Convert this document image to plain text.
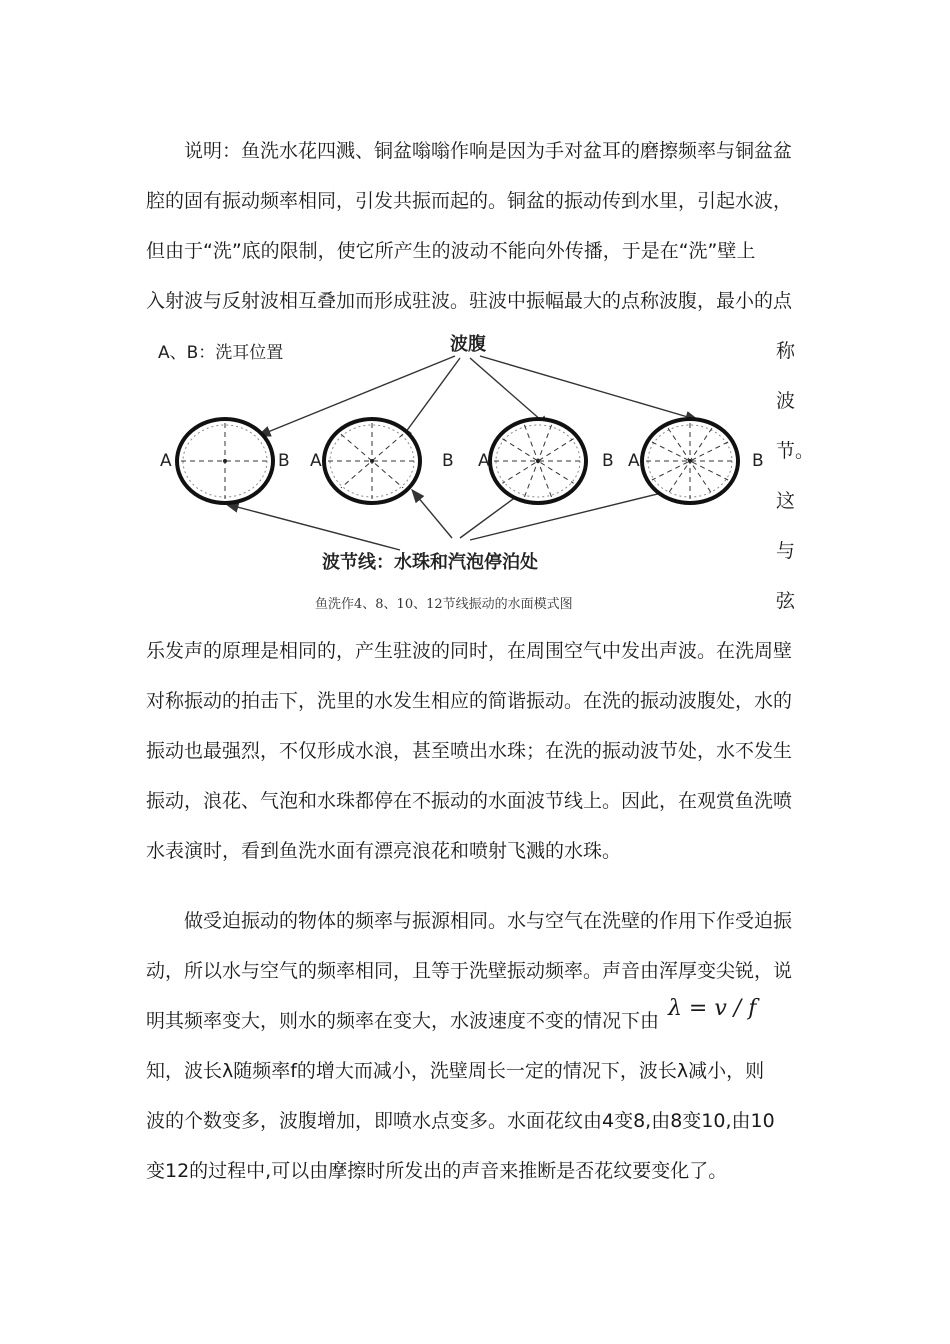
说明：鱼洗水花四溅、铜盆嗡嗡作响是因为手对盆耳的磨擦频率与铜盆盆
腔的固有振动频率相同，引发共振而起的。铜盆的振动传到水里，引起水波，
但由于“洗”底的限制，使它所产生的波动不能向外传播，于是在“洗”壁上
入射波与反射波相互叠加而形成驻波。驻波中振幅最大的点称波腹，最小的点
称
波
节。
这
与
弦
A、B：洗耳位置	波腹
波节线：水珠和汽泡停泊处
鱼洗作4、8、10、12节线振动的水面模式图
A	B A	B A	B A	B
乐发声的原理是相同的，产生驻波的同时，在周围空气中发出声波。在洗周壁
对称振动的拍击下，洗里的水发生相应的简谐振动。在洗的振动波腹处，水的
振动也最强烈，不仅形成水浪，甚至喷出水珠；在洗的振动波节处，水不发生
振动，浪花、气泡和水珠都停在不振动的水面波节线上。因此，在观赏鱼洗喷
水表演时，看到鱼洗水面有漂亮浪花和喷射飞溅的水珠。
做受迫振动的物体的频率与振源相同。水与空气在洗壁的作用下作受迫振
动，所以水与空气的频率相同，且等于洗壁振动频率。声音由浑厚变尖锐，说
明其频率变大，则水的频率在变大，水波速度不变的情况下由 λ = v / f
知，波长λ随频率f的增大而减小，洗壁周长一定的情况下，波长λ减小，则
波的个数变多，波腹增加，即喷水点变多。水面花纹由4变8,由8变10,由10
变12的过程中,可以由摩擦时所发出的声音来推断是否花纹要变化了。
